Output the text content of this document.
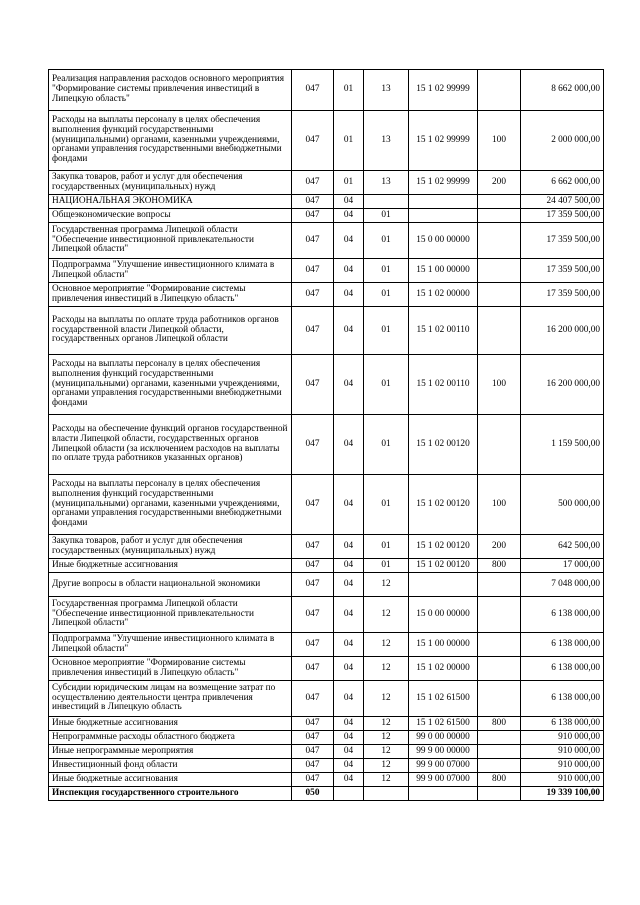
Реализация направления расходов основного мероприятия "Формирование системы привлечения инвестиций в Липецкую область"	047	01	13	15 1 02 99999		8 662 000,00
Расходы на выплаты персоналу в целях обеспечения выполнения функций государственными (муниципальными) органами, казенными учреждениями, органами управления государственными внебюджетными фондами	047	01	13	15 1 02 99999	100	2 000 000,00
Закупка товаров, работ и услуг для обеспечения государственных (муниципальных) нужд	047	01	13	15 1 02 99999	200	6 662 000,00
НАЦИОНАЛЬНАЯ ЭКОНОМИКА	047	04				24 407 500,00
Общеэкономические вопросы	047	04	01			17 359 500,00
Государственная программа Липецкой области "Обеспечение инвестиционной привлекательности Липецкой области"	047	04	01	15 0 00 00000		17 359 500,00
Подпрограмма "Улучшение инвестиционного климата в Липецкой области"	047	04	01	15 1 00 00000		17 359 500,00
Основное мероприятие "Формирование системы привлечения инвестиций в Липецкую область"	047	04	01	15 1 02 00000		17 359 500,00
Расходы на выплаты по оплате труда работников органов государственной власти Липецкой области, государственных органов Липецкой области	047	04	01	15 1 02 00110		16 200 000,00
Расходы на выплаты персоналу в целях обеспечения выполнения функций государственными (муниципальными) органами, казенными учреждениями, органами управления государственными внебюджетными фондами	047	04	01	15 1 02 00110	100	16 200 000,00
Расходы на обеспечение функций органов государственной власти Липецкой области, государственных органов Липецкой области (за исключением расходов на выплаты по оплате труда работников указанных органов)	047	04	01	15 1 02 00120		1 159 500,00
Расходы на выплаты персоналу в целях обеспечения выполнения функций государственными (муниципальными) органами, казенными учреждениями, органами управления государственными внебюджетными фондами	047	04	01	15 1 02 00120	100	500 000,00
Закупка товаров, работ и услуг для обеспечения государственных (муниципальных) нужд	047	04	01	15 1 02 00120	200	642 500,00
Иные бюджетные ассигнования	047	04	01	15 1 02 00120	800	17 000,00
Другие вопросы в области национальной экономики	047	04	12			7 048 000,00
Государственная программа Липецкой области "Обеспечение инвестиционной привлекательности Липецкой области"	047	04	12	15 0 00 00000		6 138 000,00
Подпрограмма "Улучшение инвестиционного климата в Липецкой области"	047	04	12	15 1 00 00000		6 138 000,00
Основное мероприятие "Формирование системы привлечения инвестиций в Липецкую область"	047	04	12	15 1 02 00000		6 138 000,00
Субсидии юридическим лицам на возмещение затрат по осуществлению деятельности центра привлечения инвестиций в Липецкую область	047	04	12	15 1 02 61500		6 138 000,00
Иные бюджетные ассигнования	047	04	12	15 1 02 61500	800	6 138 000,00
Непрограммные расходы областного бюджета	047	04	12	99 0 00 00000		910 000,00
Иные непрограммные мероприятия	047	04	12	99 9 00 00000		910 000,00
Инвестиционный фонд области	047	04	12	99 9 00 07000		910 000,00
Иные бюджетные ассигнования	047	04	12	99 9 00 07000	800	910 000,00
Инспекция государственного строительного	050					19 339 100,00
